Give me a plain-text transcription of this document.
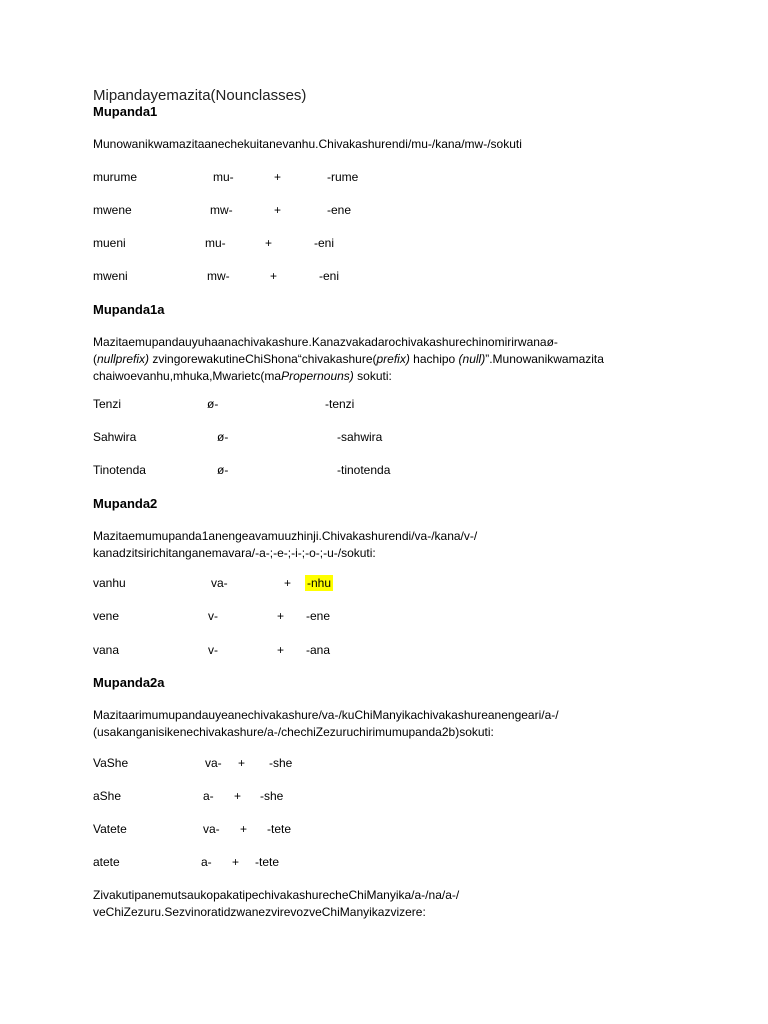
Mipandayemazita(Nounclasses)
Mupanda1
Munowanikwamazitaanechekuitanevanhu.Chivakashurendi/mu-/kana/mw-/sokuti
murume	mu-	+	-rume
mwene	mw-	+	-ene
mueni	mu-	+	-eni
mweni	mw-	+	-eni
Mupanda1a
Mazitaemupandauyuhaanachivakashure.Kanazvakadarochivakashurechinomirirwanaø-
(nullprefix) zvingorewakutineChiShona“chivakashure(prefix) hachipo (null)”.Munowanikwamazita
chaiwoevanhu,mhuka,Mwarietc(maPropernouns) sokuti:
Tenzi	ø-	-tenzi
Sahwira	ø-	-sahwira
Tinotenda	ø-	-tinotenda
Mupanda2
Mazitaemumupanda1anengeavamuuzhinji.Chivakashurendi/va-/kana/v-/
kanadzitsirichitanganemavara/-a-;-e-;-i-;-o-;-u-/sokuti:
vanhu	va-	+ -nhu
vene	v-	+ -ene
vana	v-	+ -ana
Mupanda2a
Mazitaarimumupandauyeanechivakashure/va-/kuChiManyikachivakashureanengeari/a-/
(usakanganisikenechivakashure/a-/chechiZezuruchirimumupanda2b)sokuti:
VaShe	va- + -she
aShe	a- + -she
Vatete	va- + -tete
atete	a- + -tete
ZivakutipanemutsaukopakatipechivakashurecheChiManyika/a-/na/a-/
veChiZezuru.SezvinoratidzwanezvirevozveChiManyikazvizere:
